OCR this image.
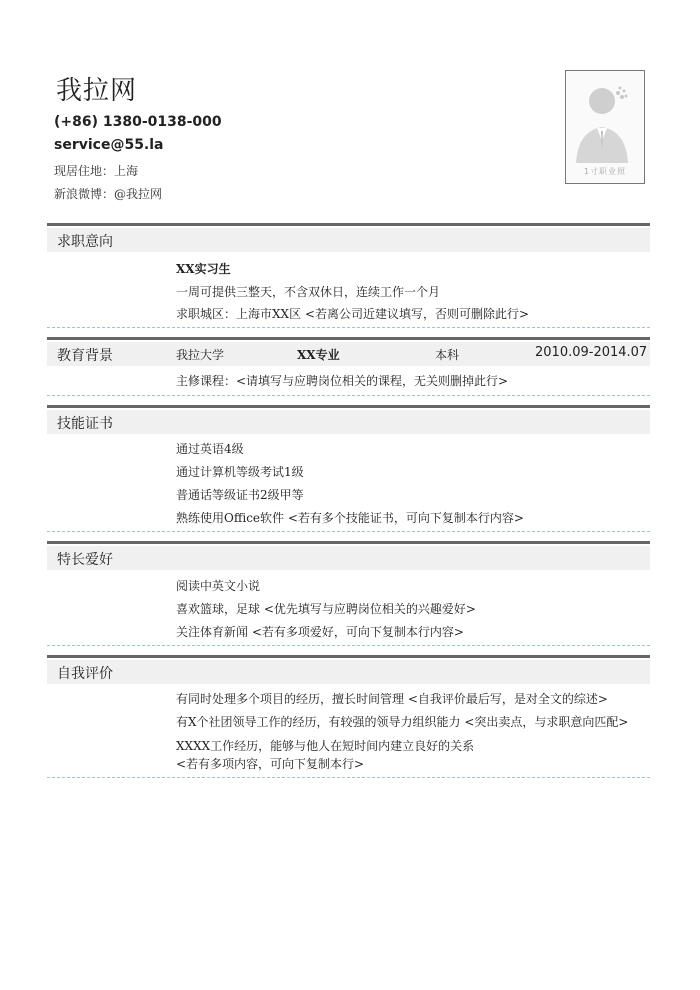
我拉网
(+86) 1380-0138-000
service@55.la
现居住地：上海
新浪微博：@我拉网
1寸职业照
求职意向
XX实习生
一周可提供三整天，不含双休日，连续工作一个月
求职城区：上海市XX区 <若离公司近建议填写，否则可删除此行>
教育背景	我拉大学	XX专业	本科	2010.09-2014.07
主修课程：<请填写与应聘岗位相关的课程，无关则删掉此行>
技能证书
通过英语4级
通过计算机等级考试1级
普通话等级证书2级甲等
熟练使用Office软件 <若有多个技能证书，可向下复制本行内容>
特长爱好
阅读中英文小说
喜欢篮球，足球 <优先填写与应聘岗位相关的兴趣爱好>
关注体育新闻 <若有多项爱好，可向下复制本行内容>
自我评价
有同时处理多个项目的经历，擅长时间管理 <自我评价最后写，是对全文的综述>
有X个社团领导工作的经历，有较强的领导力组织能力 <突出卖点，与求职意向匹配>
XXXX工作经历，能够与他人在短时间内建立良好的关系
<若有多项内容，可向下复制本行>
